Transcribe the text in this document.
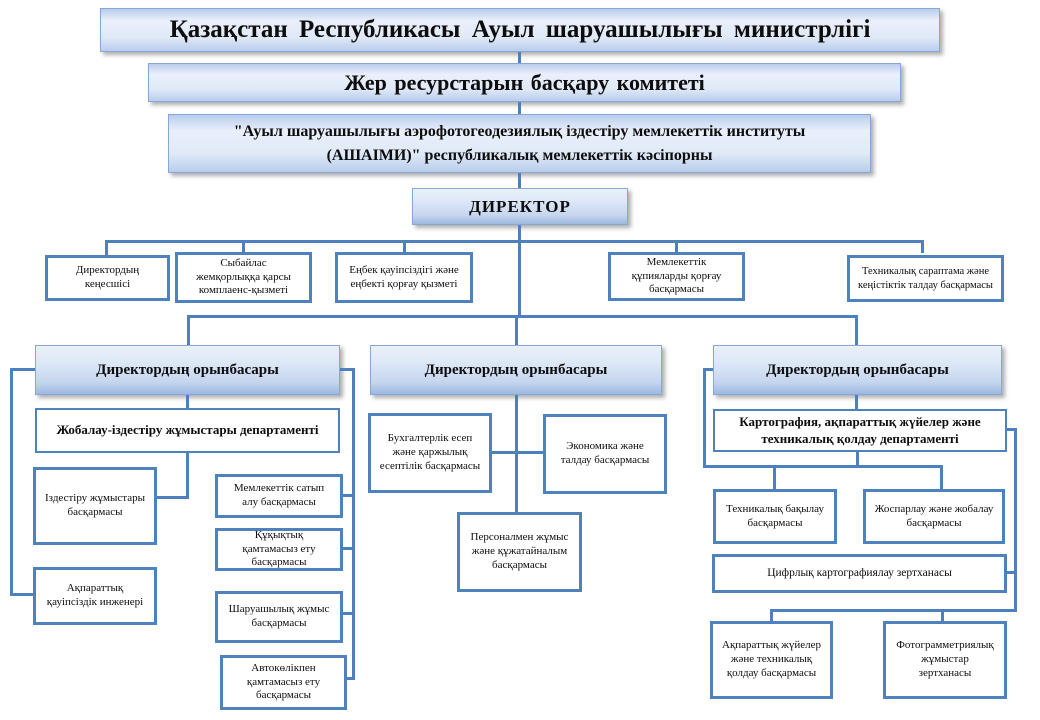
Қазақстан Республикасы Ауыл шаруашылығы министрлігі
Жер ресурстарын басқару комитеті
"Ауыл шаруашылығы аэрофотогеодезиялық іздестіру мемлекеттік институты
(АШАІМИ)" республикалық мемлекеттік кәсіпорны
ДИРЕКТОР
Директордың кеңесшісі
Сыбайлас жемқорлыққа қарсы комплаенс-қызметі
Еңбек қауіпсіздігі және еңбекті қорғау қызметі
Мемлекеттік құпияларды қорғау басқармасы
Техникалық сараптама және кеңістіктік талдау басқармасы
Директордың орынбасары	Директордың орынбасары	Директордың орынбасары
Жобалау-іздестіру жұмыстары департаменті
Іздестіру жұмыстары басқармасы
Ақпараттық қауіпсіздік инженері
Мемлекеттік сатып алу басқармасы
Құқықтық қамтамасыз ету басқармасы
Шаруашылық жұмыс басқармасы
Автокөлікпен қамтамасыз ету басқармасы
Бухгалтерлік есеп және қаржылық есептілік басқармасы
Экономика және талдау басқармасы
Персоналмен жұмыс және құжатайналым басқармасы
Картография, ақпараттық жүйелер және техникалық қолдау департаменті
Техникалық бақылау басқармасы
Жоспарлау және жобалау басқармасы
Цифрлық картографиялау зертханасы
Ақпараттық жүйелер және техникалық қолдау басқармасы
Фотограмметриялық жұмыстар зертханасы
